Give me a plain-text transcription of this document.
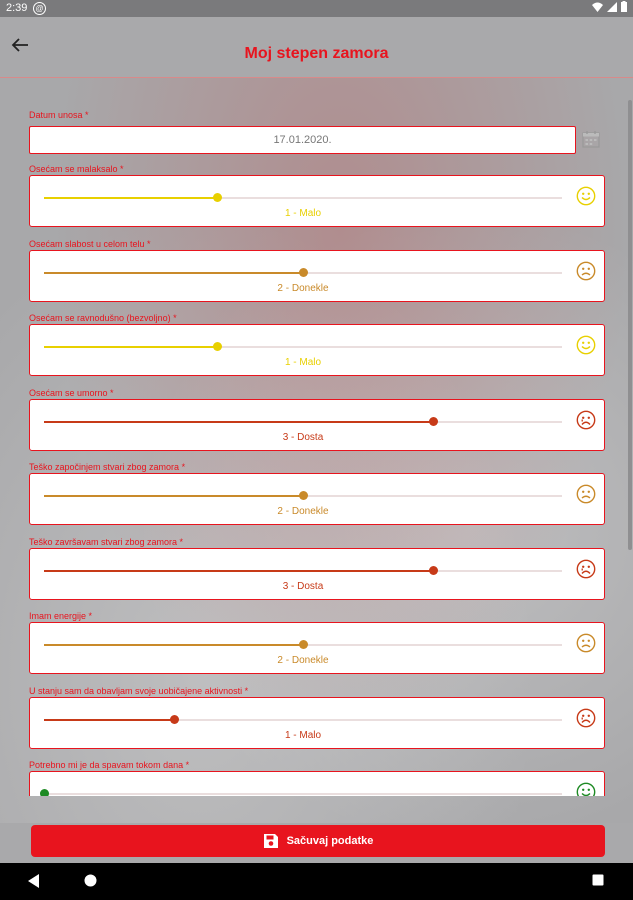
2:39	@
Moj stepen zamora
Datum unosa *
17.01.2020.
Osećam se malaksalo *
1 - Malo
Osećam slabost u celom telu *
2 - Donekle
Osećam se ravnodušno (bezvoljno) *
1 - Malo
Osećam se umorno *
3 - Dosta
Teško započinjem stvari zbog zamora *
2 - Donekle
Teško završavam stvari zbog zamora *
3 - Dosta
Imam energije *
2 - Donekle
U stanju sam da obavljam svoje uobičajene aktivnosti *
1 - Malo
Potrebno mi je da spavam tokom dana *
Sačuvaj podatke
